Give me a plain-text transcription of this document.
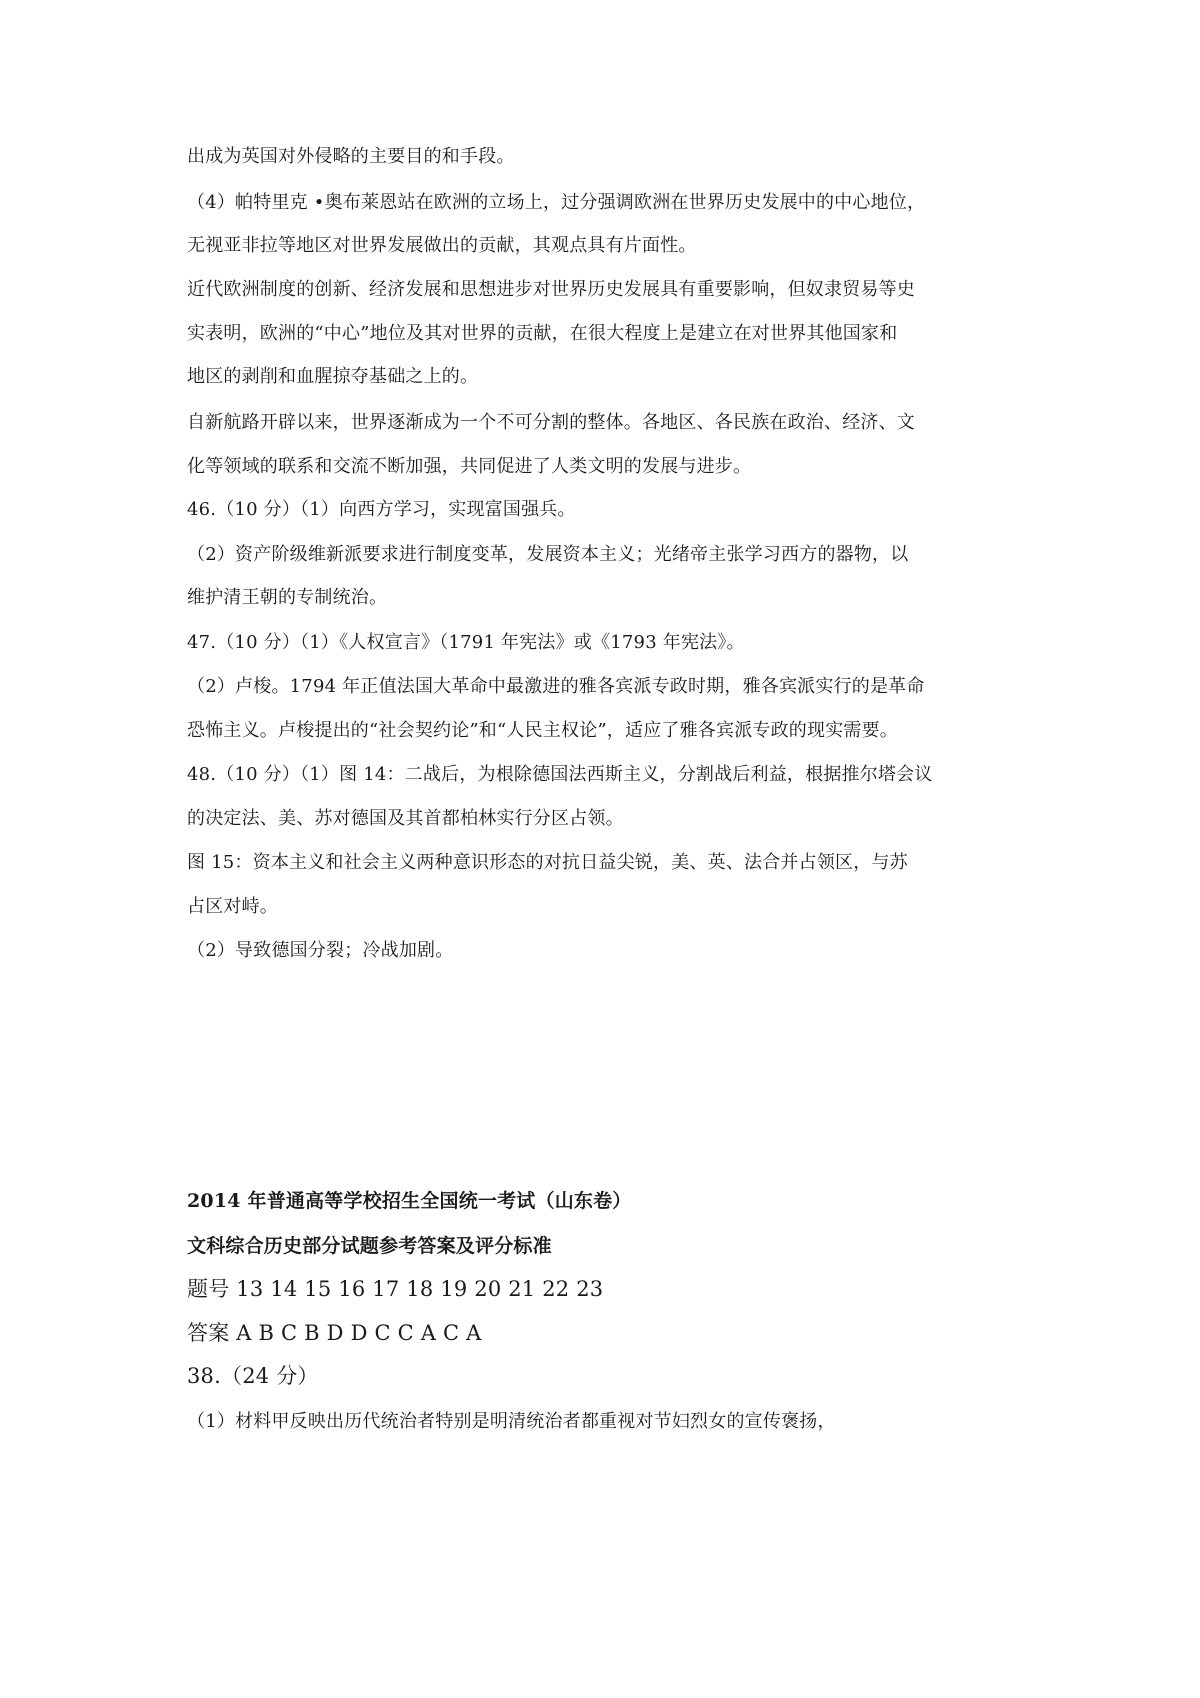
出成为英国对外侵略的主要目的和手段。
（4）帕特里克 •奥布莱恩站在欧洲的立场上，过分强调欧洲在世界历史发展中的中心地位，
无视亚非拉等地区对世界发展做出的贡献，其观点具有片面性。
近代欧洲制度的创新、经济发展和思想进步对世界历史发展具有重要影响，但奴隶贸易等史
实表明，欧洲的“中心”地位及其对世界的贡献，在很大程度上是建立在对世界其他国家和
地区的剥削和血腥掠夺基础之上的。
自新航路开辟以来，世界逐渐成为一个不可分割的整体。各地区、各民族在政治、经济、文
化等领域的联系和交流不断加强，共同促进了人类文明的发展与进步。
46.（10 分）（1）向西方学习，实现富国强兵。
（2）资产阶级维新派要求进行制度变革，发展资本主义；光绪帝主张学习西方的器物，以
维护清王朝的专制统治。
47.（10 分）（1）《人权宣言》（1791 年宪法》或《1793 年宪法》。
（2）卢梭。1794 年正值法国大革命中最激进的雅各宾派专政时期，雅各宾派实行的是革命
恐怖主义。卢梭提出的“社会契约论”和“人民主权论”，适应了雅各宾派专政的现实需要。
48.（10 分）（1）图 14：二战后，为根除德国法西斯主义，分割战后利益，根据推尔塔会议
的决定法、美、苏对德国及其首都柏林实行分区占领。
图 15：资本主义和社会主义两种意识形态的对抗日益尖锐，美、英、法合并占领区，与苏
占区对峙。
（2）导致德国分裂；冷战加剧。
2014 年普通高等学校招生全国统一考试（山东卷）
文科综合历史部分试题参考答案及评分标准
题号 13 14 15 16 17 18 19 20 21 22 23
答案 A B C B D D C C A C A
38.（24 分）
（1）材料甲反映出历代统治者特别是明清统治者都重视对节妇烈女的宣传褒扬，
